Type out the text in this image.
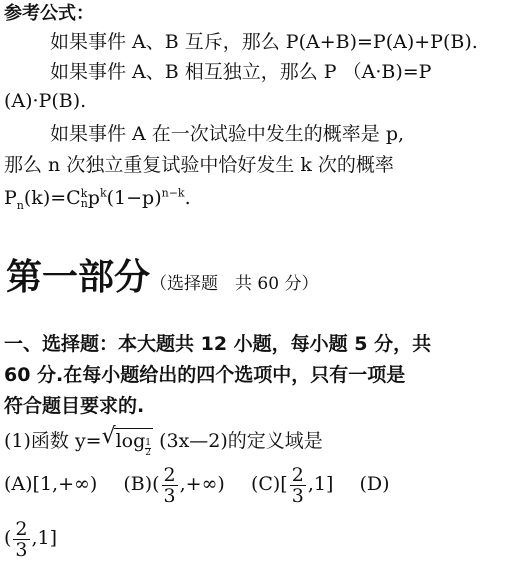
参考公式：
如果事件 A、B 互斥，那么 P(A+B)=P(A)+P(B).
如果事件 A、B 相互独立，那么 P （A·B)=P
(A)·P(B).
如果事件 A 在一次试验中发生的概率是 p,
那么 n 次独立重复试验中恰好发生 k 次的概率
$P_n(k)=C$ k
n $p^k(1-p)^{n-k}$.
第一部分（选择题　共 60 分）
一、选择题：本大题共 12 小题，每小题 5 分，共
60 分.在每小题给出的四个选项中，只有一项是
符合题目要求的.
(1)函数 y= √ $\log \frac{1}{2}$ (3x—2)的定义域是
(A)[1,+∞) $(B)( \frac{2}{3}$ ,+∞) $(C)[ \frac{2}{3} ,1]$ (D)
( $\frac{2}{3} ,1$]
